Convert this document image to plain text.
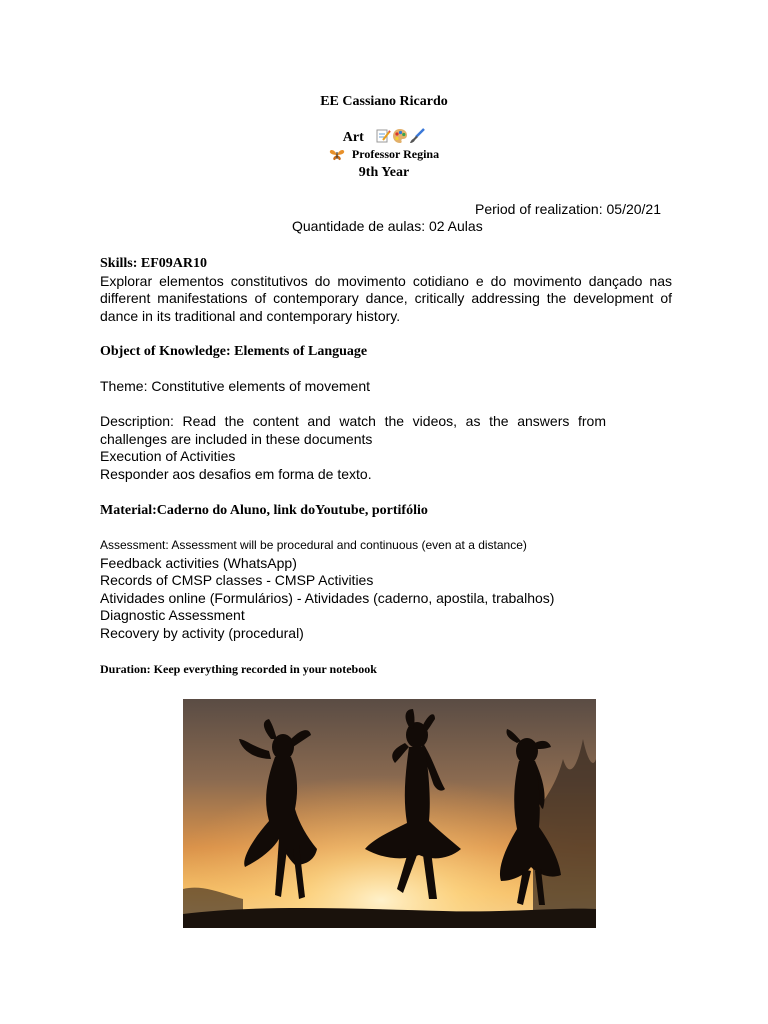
EE Cassiano Ricardo
Art
Professor Regina
9th Year
Period of realization: 05/20/21
Quantidade de aulas: 02 Aulas
Skills: EF09AR10
Explorar elementos constitutivos do movimento cotidiano e do movimento dançado nas different manifestations of contemporary dance, critically addressing the development of dance in its traditional and contemporary history.
Object of Knowledge: Elements of Language
Theme: Constitutive elements of movement
Description: Read the content and watch the videos, as the answers from challenges are included in these documents
Execution of Activities
Responder aos desafios em forma de texto.
Material:Caderno do Aluno, link doYoutube, portifólio
Assessment: Assessment will be procedural and continuous (even at a distance)
Feedback activities (WhatsApp)
Records of CMSP classes - CMSP Activities
Atividades online (Formulários) - Atividades (caderno, apostila, trabalhos)
Diagnostic Assessment
Recovery by activity (procedural)
Duration: Keep everything recorded in your notebook
